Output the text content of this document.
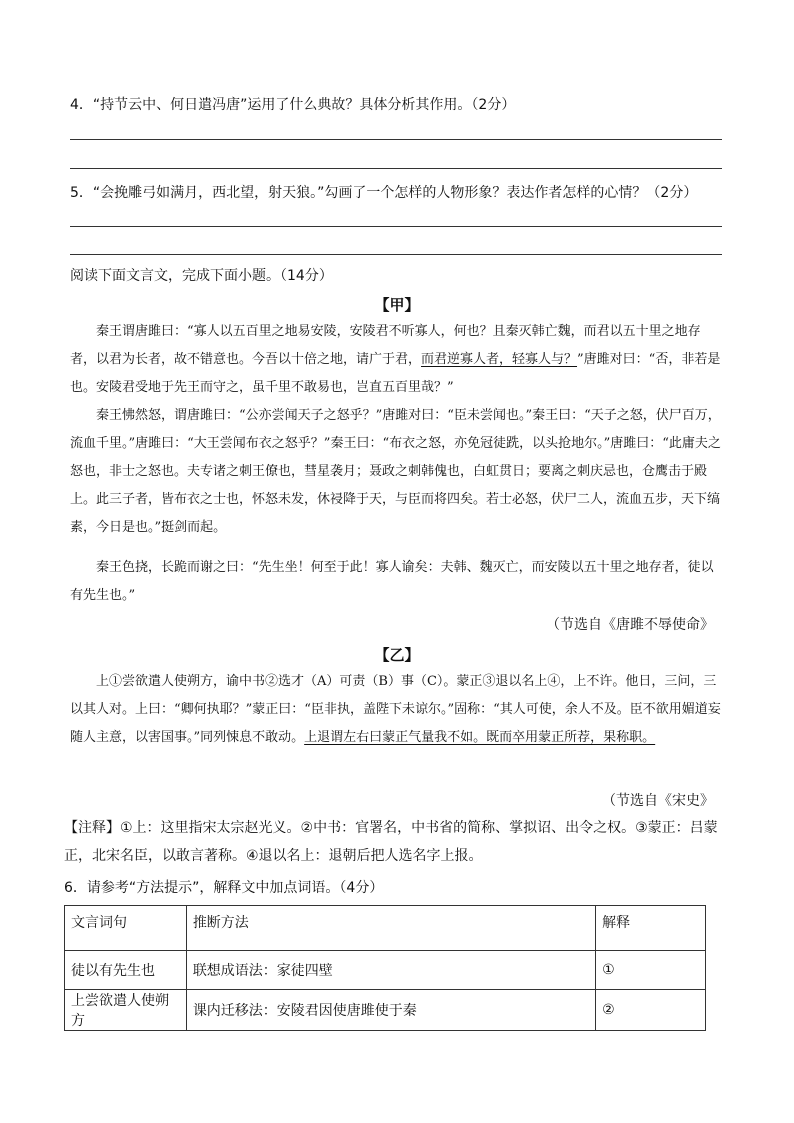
4．“持节云中、何日遣冯唐”运用了什么典故？具体分析其作用。（2分）
5．“会挽雕弓如满月，西北望，射天狼。”勾画了一个怎样的人物形象？表达作者怎样的心情？（2分）
阅读下面文言文，完成下面小题。（14分）
【甲】
秦王谓唐雎曰：“寡人以五百里之地易安陵，安陵君不听寡人，何也？且秦灭韩亡魏，而君以五十里之地存者，以君为长者，故不错意也。今吾以十倍之地，请广于君，而君逆寡人者，轻寡人与？”唐雎对曰：“否，非若是也。安陵君受地于先王而守之，虽千里不敢易也，岂直五百里哉？”
秦王怫然怒，谓唐雎曰：“公亦尝闻天子之怒乎？”唐雎对曰：“臣未尝闻也。”秦王曰：“天子之怒，伏尸百万，流血千里。”唐雎曰：“大王尝闻布衣之怒乎？”秦王曰：“布衣之怒，亦免冠徒跣，以头抢地尔。”唐雎曰：“此庸夫之怒也，非士之怒也。夫专诸之刺王僚也，彗星袭月；聂政之刺韩傀也，白虹贯日；要离之刺庆忌也，仓鹰击于殿上。此三子者，皆布衣之士也，怀怒未发，休祲降于天，与臣而将四矣。若士必怒，伏尸二人，流血五步，天下缟素，今日是也。”挺剑而起。
秦王色挠，长跪而谢之曰：“先生坐！何至于此！寡人谕矣：夫韩、魏灭亡，而安陵以五十里之地存者，徒以有先生也。”
（节选自《唐雎不辱使命》
【乙】
上①尝欲遣人使朔方，谕中书②选才（A）可责（B）事（C）。蒙正③退以名上④，上不许。他日，三问，三以其人对。上曰：“卿何执耶？”蒙正曰：“臣非执，盖陛下未谅尔。”固称：“其人可使，余人不及。臣不欲用媚道妄随人主意，以害国事。”同列悚息不敢动。上退谓左右曰蒙正气量我不如。既而卒用蒙正所荐，果称职。
（节选自《宋史》
【注释】①上：这里指宋太宗赵光义。②中书：官署名，中书省的简称、掌拟诏、出令之权。③蒙正：吕蒙正，北宋名臣，以敢言著称。④退以名上：退朝后把人选名字上报。
6．请参考“方法提示”，解释文中加点词语。（4分）
文言词句	推断方法	解释
徒以有先生也	联想成语法：家徒四壁	①
上尝欲遣人使朔方	课内迁移法：安陵君因使唐雎使于秦	②
